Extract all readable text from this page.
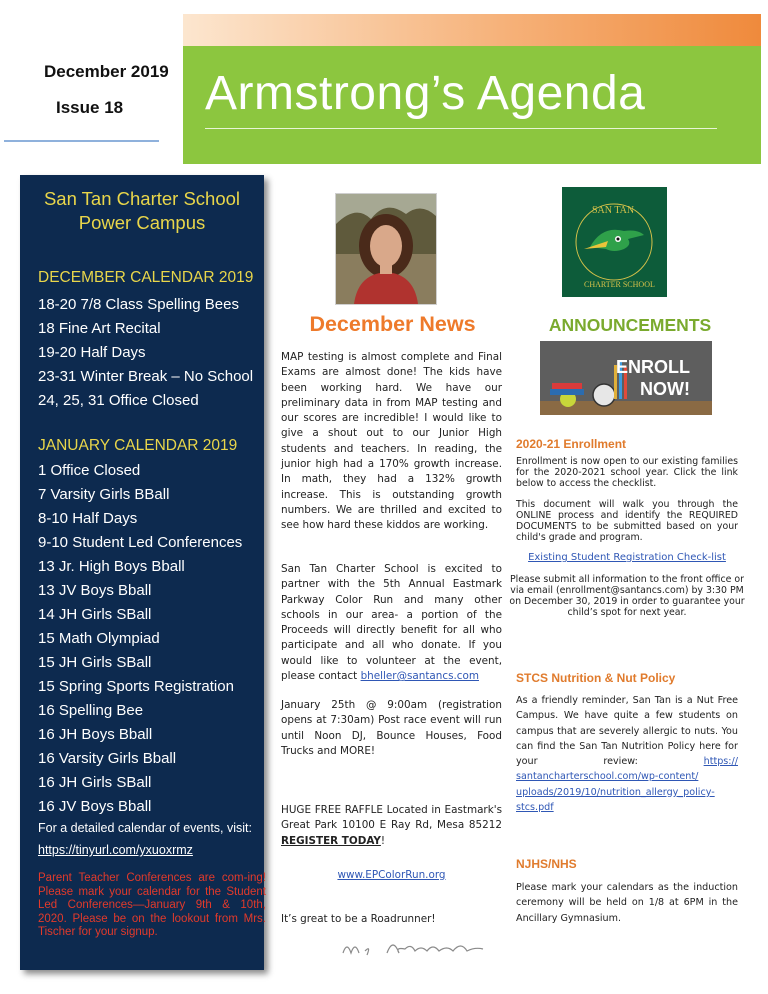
Armstrong’s Agenda
December 2019
Issue 18
San Tan Charter School
Power Campus
DECEMBER CALENDAR 2019
18-20 7/8 Class Spelling Bees
18 Fine Art Recital
19-20 Half Days
23-31 Winter Break – No School
24, 25, 31 Office Closed
JANUARY CALENDAR 2019
1 Office Closed
7 Varsity Girls BBall
8-10 Half Days
9-10 Student Led Conferences
13 Jr. High Boys Bball
13 JV Boys Bball
14 JH Girls SBall
15 Math Olympiad
15 JH Girls SBall
15 Spring Sports Registration
16 Spelling Bee
16 JH Boys Bball
16 Varsity Girls Bball
16 JH Girls SBall
16 JV Boys Bball
For a detailed calendar of events, visit:
https://tinyurl.com/yxuoxrmz
Parent Teacher Conferences are com-ing! Please mark your calendar for the Student Led Conferences—January 9th & 10th, 2020. Please be on the lookout from Mrs. Tischer for your signup.
December News
MAP testing is almost complete and Final Exams are almost done! The kids have been working hard. We have our preliminary data in from MAP testing and our scores are incredible! I would like to give a shout out to our Junior High students and teachers. In reading, the junior high had a 170% growth increase. In math, they had a 132% growth increase. This is outstanding growth numbers. We are thrilled and excited to see how hard these kiddos are working.
San Tan Charter School is excited to partner with the 5th Annual Eastmark Parkway Color Run and many other schools in our area- a portion of the Proceeds will directly benefit for all who participate and all who donate. If you would like to volunteer at the event, please contact bheller@santancs.com
January 25th @ 9:00am (registration opens at 7:30am) Post race event will run until Noon DJ, Bounce Houses, Food Trucks and MORE!
HUGE FREE RAFFLE Located in Eastmark's Great Park 10100 E Ray Rd, Mesa 85212 REGISTER TODAY!
www.EPColorRun.org
It’s great to be a Roadrunner!
SAN TAN
CHARTER SCHOOL
ANNOUNCEMENTS
ENROLL
NOW!
2020-21 Enrollment
Enrollment is now open to our existing families for the 2020-2021 school year. Click the link below to access the checklist.
This document will walk you through the ONLINE process and identify the REQUIRED DOCUMENTS to be submitted based on your child's grade and program.
Existing Student Registration Check-list
Please submit all information to the front office or via email (enrollment@santancs.com) by 3:30 PM on December 30, 2019 in order to guarantee your child’s spot for next year.
STCS Nutrition & Nut Policy
As a friendly reminder, San Tan is a Nut Free Campus. We have quite a few students on campus that are severely allergic to nuts. You can find the San Tan Nutrition Policy here for your review:	https:// santancharterschool.com/wp-content/ uploads/2019/10/nutrition_allergy_policy-stcs.pdf
NJHS/NHS
Please mark your calendars as the induction ceremony will be held on 1/8 at 6PM in the Ancillary Gymnasium.
